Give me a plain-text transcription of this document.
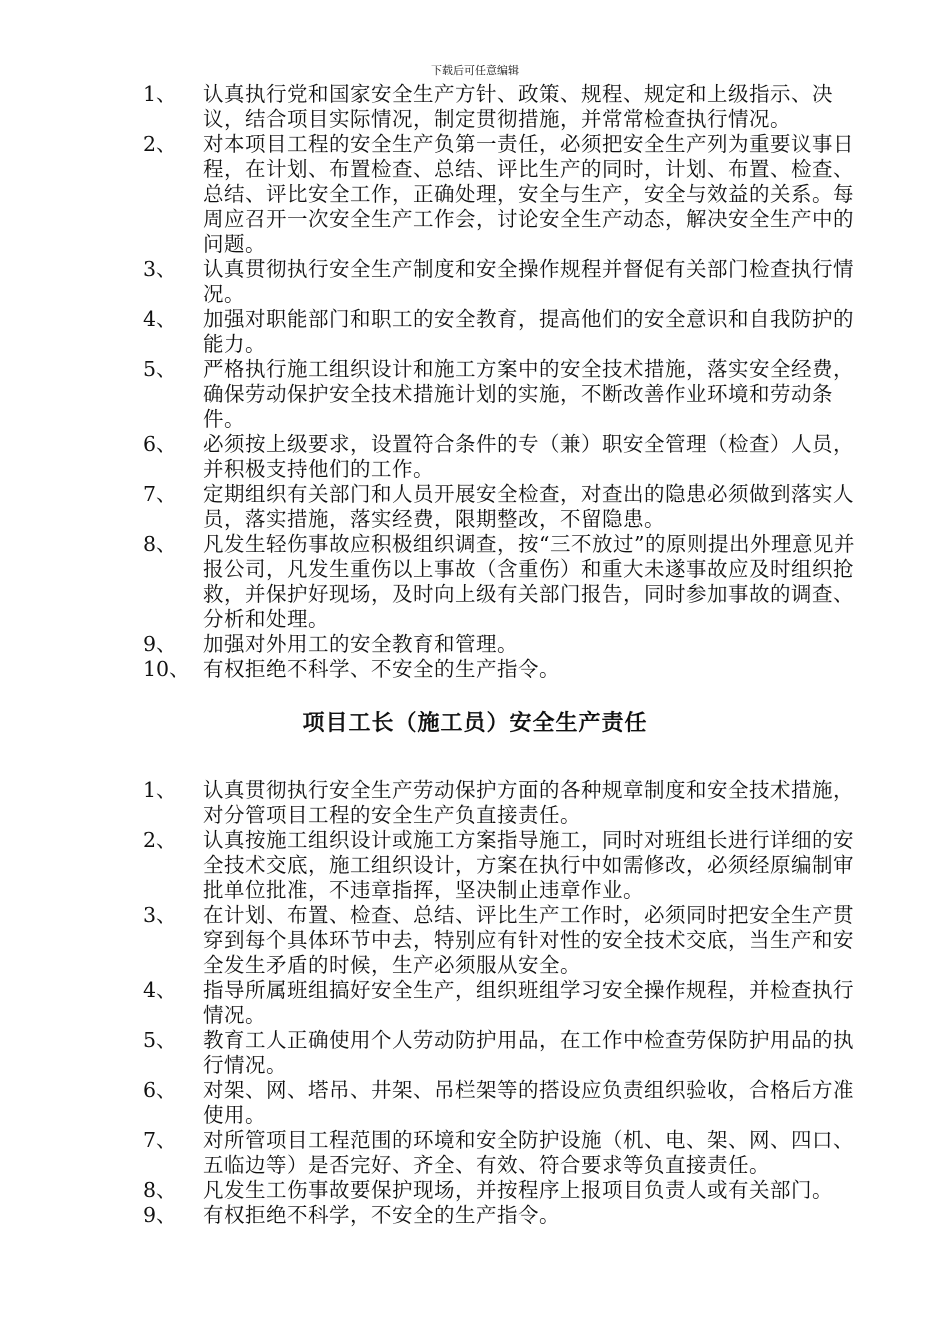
下载后可任意编辑
1、	认真执行党和国家安全生产方针、政策、规程、规定和上级指示、决议，结合项目实际情况，制定贯彻措施，并常常检查执行情况。
2、	对本项目工程的安全生产负第一责任，必须把安全生产列为重要议事日程，在计划、布置检查、总结、评比生产的同时，计划、布置、检查、总结、评比安全工作，正确处理，安全与生产，安全与效益的关系。每周应召开一次安全生产工作会，讨论安全生产动态，解决安全生产中的问题。
3、	认真贯彻执行安全生产制度和安全操作规程并督促有关部门检查执行情况。
4、	加强对职能部门和职工的安全教育，提高他们的安全意识和自我防护的能力。
5、	严格执行施工组织设计和施工方案中的安全技术措施，落实安全经费，确保劳动保护安全技术措施计划的实施，不断改善作业环境和劳动条件。
6、	必须按上级要求，设置符合条件的专（兼）职安全管理（检查）人员，并积极支持他们的工作。
7、	定期组织有关部门和人员开展安全检查，对查出的隐患必须做到落实人员，落实措施，落实经费，限期整改，不留隐患。
8、	凡发生轻伤事故应积极组织调查，按“三不放过”的原则提出外理意见并报公司，凡发生重伤以上事故（含重伤）和重大未遂事故应及时组织抢救，并保护好现场，及时向上级有关部门报告，同时参加事故的调查、分析和处理。
9、	加强对外用工的安全教育和管理。
10、 有权拒绝不科学、不安全的生产指令。
项目工长（施工员）安全生产责任
1、	认真贯彻执行安全生产劳动保护方面的各种规章制度和安全技术措施，对分管项目工程的安全生产负直接责任。
2、	认真按施工组织设计或施工方案指导施工，同时对班组长进行详细的安全技术交底，施工组织设计，方案在执行中如需修改，必须经原编制审批单位批准，不违章指挥，坚决制止违章作业。
3、	在计划、布置、检查、总结、评比生产工作时，必须同时把安全生产贯穿到每个具体环节中去，特别应有针对性的安全技术交底，当生产和安全发生矛盾的时候，生产必须服从安全。
4、	指导所属班组搞好安全生产，组织班组学习安全操作规程，并检查执行情况。
5、	教育工人正确使用个人劳动防护用品，在工作中检查劳保防护用品的执行情况。
6、	对架、网、塔吊、井架、吊栏架等的搭设应负责组织验收，合格后方准使用。
7、	对所管项目工程范围的环境和安全防护设施（机、电、架、网、四口、五临边等）是否完好、齐全、有效、符合要求等负直接责任。
8、	凡发生工伤事故要保护现场，并按程序上报项目负责人或有关部门。
9、	有权拒绝不科学，不安全的生产指令。
